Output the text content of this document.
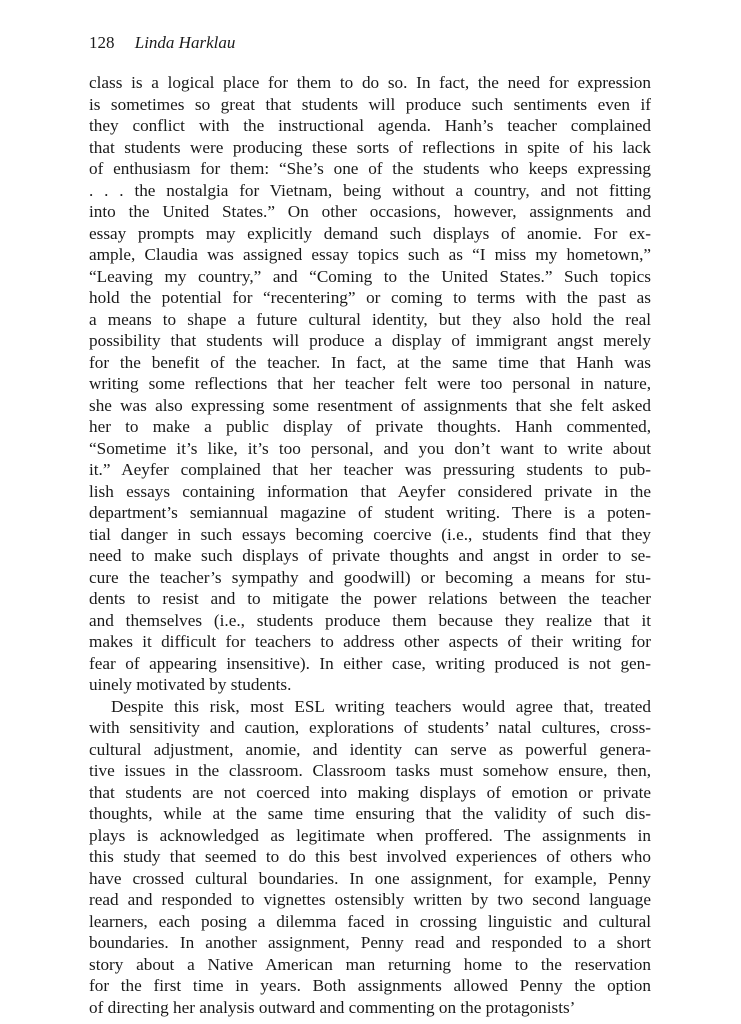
128 Linda Harklau
class is a logical place for them to do so. In fact, the need for expression
is sometimes so great that students will produce such sentiments even if
they conflict with the instructional agenda. Hanh’s teacher complained
that students were producing these sorts of reflections in spite of his lack
of enthusiasm for them: “She’s one of the students who keeps expressing
. . . the nostalgia for Vietnam, being without a country, and not fitting
into the United States.” On other occasions, however, assignments and
essay prompts may explicitly demand such displays of anomie. For ex-
ample, Claudia was assigned essay topics such as “I miss my hometown,”
“Leaving my country,” and “Coming to the United States.” Such topics
hold the potential for “recentering” or coming to terms with the past as
a means to shape a future cultural identity, but they also hold the real
possibility that students will produce a display of immigrant angst merely
for the benefit of the teacher. In fact, at the same time that Hanh was
writing some reflections that her teacher felt were too personal in nature,
she was also expressing some resentment of assignments that she felt asked
her to make a public display of private thoughts. Hanh commented,
“Sometime it’s like, it’s too personal, and you don’t want to write about
it.” Aeyfer complained that her teacher was pressuring students to pub-
lish essays containing information that Aeyfer considered private in the
department’s semiannual magazine of student writing. There is a poten-
tial danger in such essays becoming coercive (i.e., students find that they
need to make such displays of private thoughts and angst in order to se-
cure the teacher’s sympathy and goodwill) or becoming a means for stu-
dents to resist and to mitigate the power relations between the teacher
and themselves (i.e., students produce them because they realize that it
makes it difficult for teachers to address other aspects of their writing for
fear of appearing insensitive). In either case, writing produced is not gen-
uinely motivated by students.
Despite this risk, most ESL writing teachers would agree that, treated
with sensitivity and caution, explorations of students’ natal cultures, cross-
cultural adjustment, anomie, and identity can serve as powerful genera-
tive issues in the classroom. Classroom tasks must somehow ensure, then,
that students are not coerced into making displays of emotion or private
thoughts, while at the same time ensuring that the validity of such dis-
plays is acknowledged as legitimate when proffered. The assignments in
this study that seemed to do this best involved experiences of others who
have crossed cultural boundaries. In one assignment, for example, Penny
read and responded to vignettes ostensibly written by two second language
learners, each posing a dilemma faced in crossing linguistic and cultural
boundaries. In another assignment, Penny read and responded to a short
story about a Native American man returning home to the reservation
for the first time in years. Both assignments allowed Penny the option
of directing her analysis outward and commenting on the protagonists’
